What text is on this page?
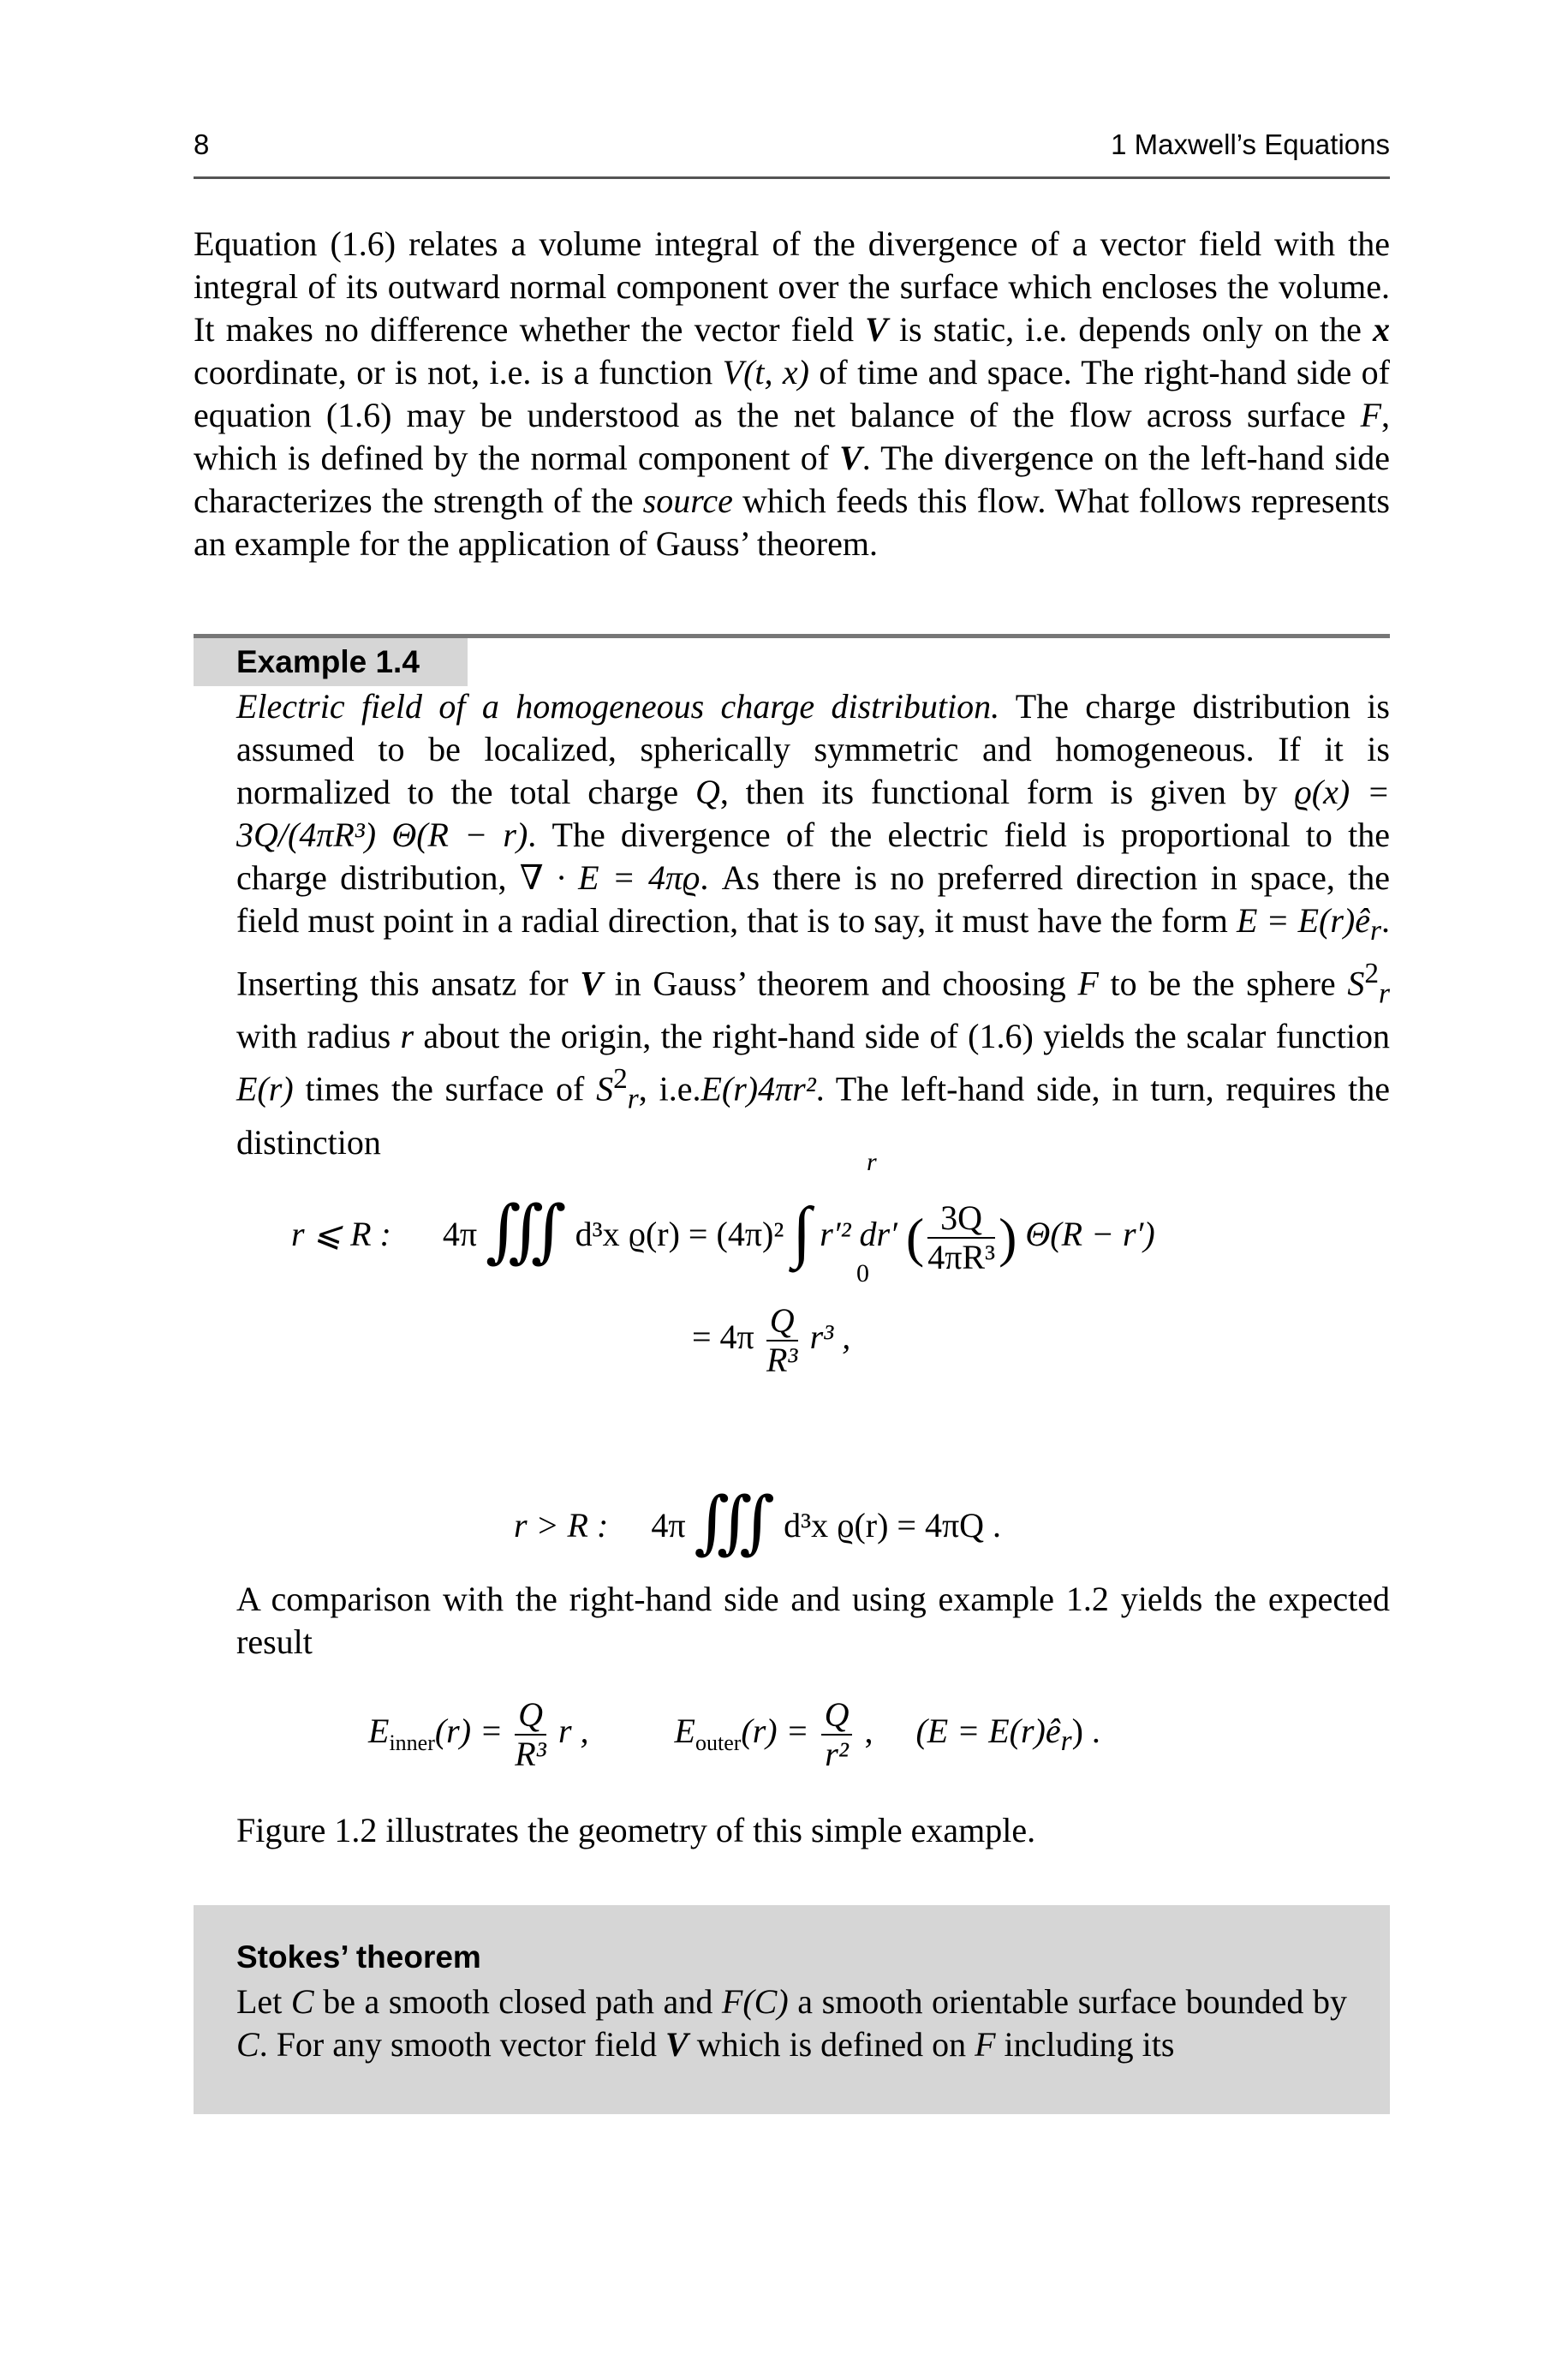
8	1 Maxwell’s Equations

Equation (1.6) relates a volume integral of the divergence of a vector field with the integral of its outward normal component over the surface which encloses the volume. It makes no difference whether the vector field V is static, i.e. depends only on the x coordinate, or is not, i.e. is a function V(t, x) of time and space. The right-hand side of equation (1.6) may be understood as the net balance of the flow across surface F, which is defined by the normal component of V. The divergence on the left-hand side characterizes the strength of the source which feeds this flow. What follows represents an example for the application of Gauss’ theorem.

Example 1.4

Electric field of a homogeneous charge distribution. The charge distribution is assumed to be localized, spherically symmetric and homogeneous. If it is normalized to the total charge Q, then its functional form is given by ϱ(x) = 3Q/(4πR³) Θ(R − r). The divergence of the electric field is proportional to the charge distribution, ∇ · E = 4πϱ. As there is no preferred direction in space, the field must point in a radial direction, that is to say, it must have the form $E = E(r)ê_r$. Inserting this ansatz for V in Gauss’ theorem and choosing F to be the sphere $S^2_r$ with radius r about the origin, the right-hand side of (1.6) yields the scalar function E(r) times the surface of $S^2_r$, i.e.E(r)4πr². The left-hand side, in turn, requires the distinction

r ⩽ R : 4π ∭ d³x ϱ(r) = (4π)² ∫ r′² dr′ ( $\frac{3Q}{\text{4πR³}}$ ) Θ(R − r′)
r
0
= $4\pi \frac{Q}{\text{R³}} r^3$ ,
r > R : 4π ∭ d³x ϱ(r) = 4πQ .

A comparison with the right-hand side and using example 1.2 yields the expected result

$E_{inner}(r) = \frac{Q}{\text{R³}}$ r ,	$E_{outer}(r) = \frac{Q}{\text{r²}}$ , $(E = E(r)ê_r)$ .

Figure 1.2 illustrates the geometry of this simple example.

Stokes’ theorem

Let C be a smooth closed path and F(C) a smooth orientable surface bounded by C. For any smooth vector field V which is defined on F including its
